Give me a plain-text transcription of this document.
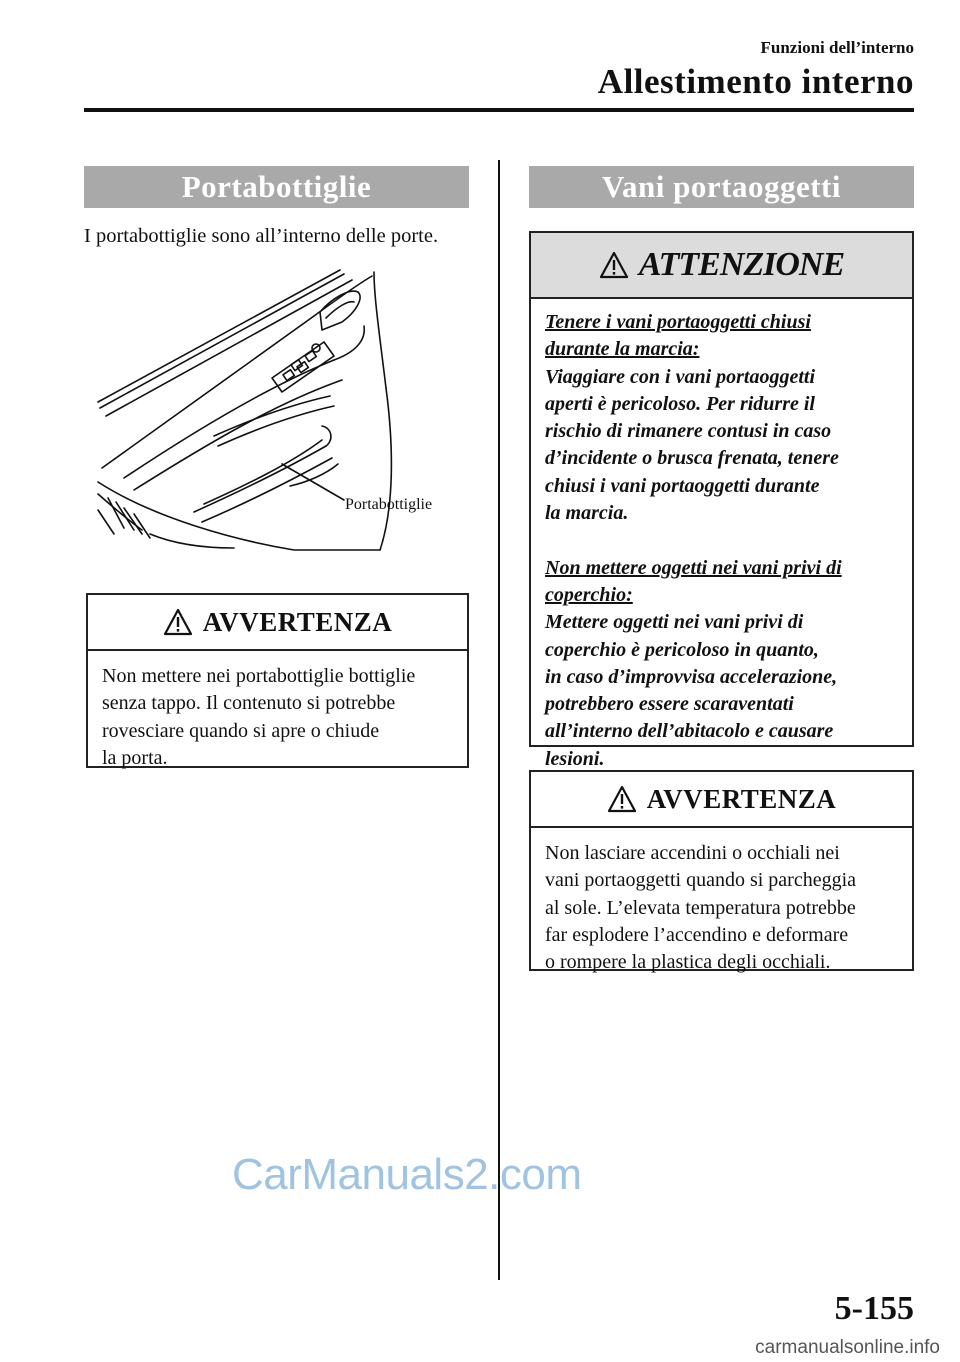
Funzioni dell’interno
Allestimento interno
Portabottiglie
I portabottiglie sono all’interno delle porte.
Portabottiglie
AVVERTENZA
Non mettere nei portabottiglie bottiglie
senza tappo. Il contenuto si potrebbe
rovesciare quando si apre o chiude
la porta.
Vani portaoggetti
ATTENZIONE
Tenere i vani portaoggetti chiusi
durante la marcia:
Viaggiare con i vani portaoggetti
aperti è pericoloso. Per ridurre il
rischio di rimanere contusi in caso
d’incidente o brusca frenata, tenere
chiusi i vani portaoggetti durante
la marcia.

Non mettere oggetti nei vani privi di
coperchio:
Mettere oggetti nei vani privi di
coperchio è pericoloso in quanto,
in caso d’improvvisa accelerazione,
potrebbero essere scaraventati
all’interno dell’abitacolo e causare
lesioni.
AVVERTENZA
Non lasciare accendini o occhiali nei
vani portaoggetti quando si parcheggia
al sole. L’elevata temperatura potrebbe
far esplodere l’accendino e deformare
o rompere la plastica degli occhiali.
CarManuals2.com
5-155
carmanualsonline.info
